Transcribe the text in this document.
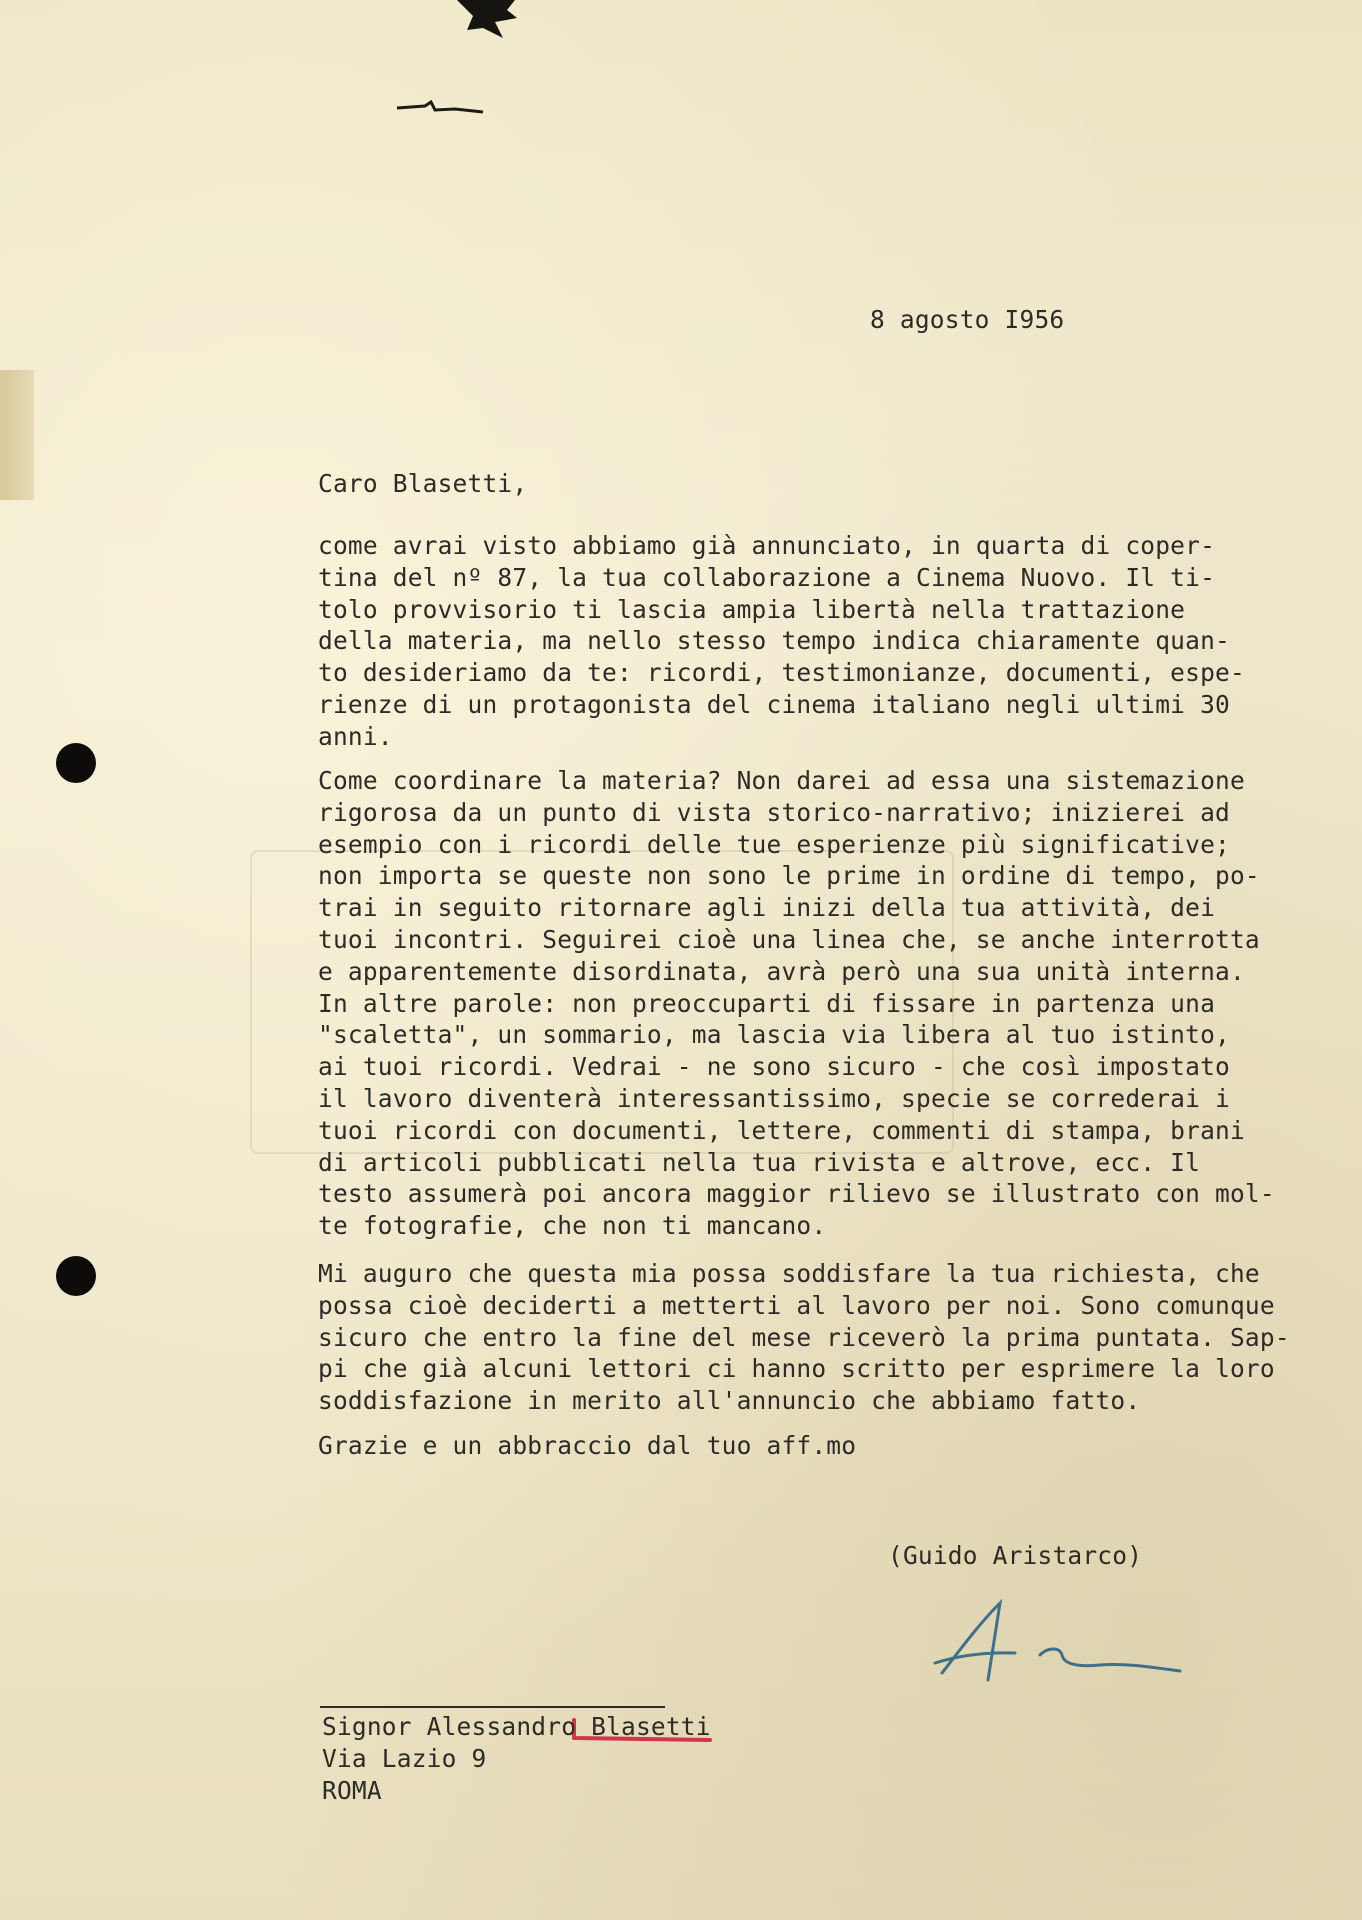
8 agosto I956
Caro Blasetti,
come avrai visto abbiamo già annunciato, in quarta di coper-
tina del nº 87, la tua collaborazione a Cinema Nuovo. Il ti-
tolo provvisorio ti lascia ampia libertà nella trattazione
della materia, ma nello stesso tempo indica chiaramente quan-
to desideriamo da te: ricordi, testimonianze, documenti, espe-
rienze di un protagonista del cinema italiano negli ultimi 30
anni.
Come coordinare la materia? Non darei ad essa una sistemazione
rigorosa da un punto di vista storico-narrativo; inizierei ad
esempio con i ricordi delle tue esperienze più significative;
non importa se queste non sono le prime in ordine di tempo, po-
trai in seguito ritornare agli inizi della tua attività, dei
tuoi incontri. Seguirei cioè una linea che, se anche interrotta
e apparentemente disordinata, avrà però una sua unità interna.
In altre parole: non preoccuparti di fissare in partenza una
"scaletta", un sommario, ma lascia via libera al tuo istinto,
ai tuoi ricordi. Vedrai - ne sono sicuro - che così impostato
il lavoro diventerà interessantissimo, specie se correderai i
tuoi ricordi con documenti, lettere, commenti di stampa, brani
di articoli pubblicati nella tua rivista e altrove, ecc. Il
testo assumerà poi ancora maggior rilievo se illustrato con mol-
te fotografie, che non ti mancano.
Mi auguro che questa mia possa soddisfare la tua richiesta, che
possa cioè deciderti a metterti al lavoro per noi. Sono comunque
sicuro che entro la fine del mese riceverò la prima puntata. Sap-
pi che già alcuni lettori ci hanno scritto per esprimere la loro
soddisfazione in merito all'annuncio che abbiamo fatto.
Grazie e un abbraccio dal tuo aff.mo
(Guido Aristarco)
Signor Alessandro Blasetti
Via Lazio 9
ROMA
